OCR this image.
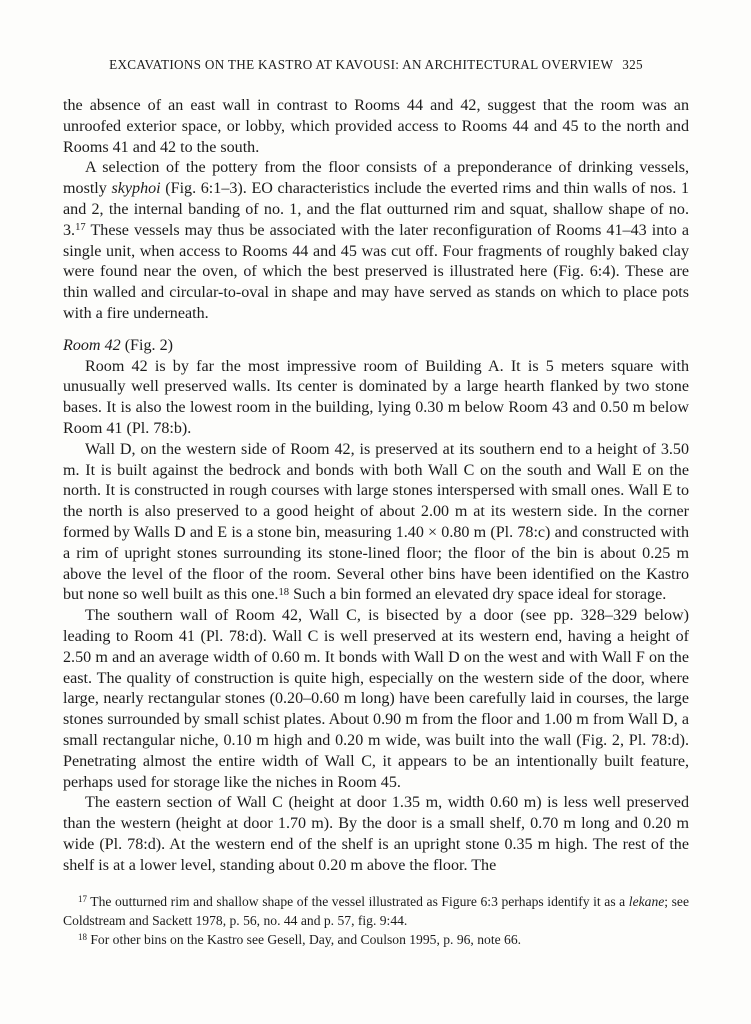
EXCAVATIONS ON THE KASTRO AT KAVOUSI: AN ARCHITECTURAL OVERVIEW 325

the absence of an east wall in contrast to Rooms 44 and 42, suggest that the room was an unroofed exterior space, or lobby, which provided access to Rooms 44 and 45 to the north and Rooms 41 and 42 to the south.

A selection of the pottery from the floor consists of a preponderance of drinking vessels, mostly skyphoi (Fig. 6:1–3). EO characteristics include the everted rims and thin walls of nos. 1 and 2, the internal banding of no. 1, and the flat outturned rim and squat, shallow shape of no. 3.17 These vessels may thus be associated with the later reconfiguration of Rooms 41–43 into a single unit, when access to Rooms 44 and 45 was cut off. Four fragments of roughly baked clay were found near the oven, of which the best preserved is illustrated here (Fig. 6:4). These are thin walled and circular-to-oval in shape and may have served as stands on which to place pots with a fire underneath.

Room 42 (Fig. 2)

Room 42 is by far the most impressive room of Building A. It is 5 meters square with unusually well preserved walls. Its center is dominated by a large hearth flanked by two stone bases. It is also the lowest room in the building, lying 0.30 m below Room 43 and 0.50 m below Room 41 (Pl. 78:b).

Wall D, on the western side of Room 42, is preserved at its southern end to a height of 3.50 m. It is built against the bedrock and bonds with both Wall C on the south and Wall E on the north. It is constructed in rough courses with large stones interspersed with small ones. Wall E to the north is also preserved to a good height of about 2.00 m at its western side. In the corner formed by Walls D and E is a stone bin, measuring 1.40 × 0.80 m (Pl. 78:c) and constructed with a rim of upright stones surrounding its stone-lined floor; the floor of the bin is about 0.25 m above the level of the floor of the room. Several other bins have been identified on the Kastro but none so well built as this one.$^{18}$ Such a bin formed an elevated dry space ideal for storage.

The southern wall of Room 42, Wall C, is bisected by a door (see pp. 328–329 below) leading to Room 41 (Pl. 78:d). Wall C is well preserved at its western end, having a height of 2.50 m and an average width of 0.60 m. It bonds with Wall D on the west and with Wall F on the east. The quality of construction is quite high, especially on the western side of the door, where large, nearly rectangular stones (0.20–0.60 m long) have been carefully laid in courses, the large stones surrounded by small schist plates. About 0.90 m from the floor and 1.00 m from Wall D, a small rectangular niche, 0.10 m high and 0.20 m wide, was built into the wall (Fig. 2, Pl. 78:d). Penetrating almost the entire width of Wall C, it appears to be an intentionally built feature, perhaps used for storage like the niches in Room 45.

The eastern section of Wall C (height at door 1.35 m, width 0.60 m) is less well preserved than the western (height at door 1.70 m). By the door is a small shelf, 0.70 m long and 0.20 m wide (Pl. 78:d). At the western end of the shelf is an upright stone 0.35 m high. The rest of the shelf is at a lower level, standing about 0.20 m above the floor. The

$^{17}$ The outturned rim and shallow shape of the vessel illustrated as Figure 6:3 perhaps identify it as a lekane; see Coldstream and Sackett 1978, p. 56, no. 44 and p. 57, fig. 9:44.

$^{18}$ For other bins on the Kastro see Gesell, Day, and Coulson 1995, p. 96, note 66.
